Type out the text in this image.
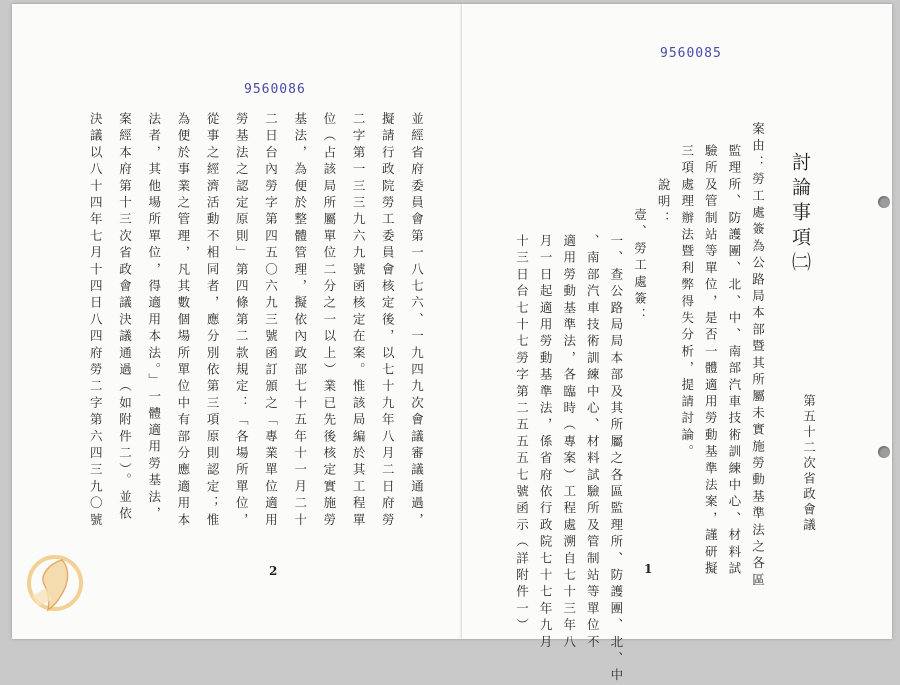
9560086
並經省府委員會第一八七六、一九四九次會議審議通過，
擬請行政院勞工委員會核定後，以七十九年八月二日府勞
二字第一三三九六九號函核定在案。惟該局編於其工程單
位（占該局所屬單位二分之一以上）業已先後核定實施勞
基法，為便於整體管理，擬依內政部七十五年十一月二十
二日台內勞字第四五〇六九三號函訂頒之「專業單位適用
勞基法之認定原則」第四條第二款規定：「各場所單位，
從事之經濟活動不相同者，應分別依第三項原則認定；惟
為便於事業之管理，凡其數個場所單位中有部分應適用本
法者，其他場所單位，得適用本法。」一體適用勞基法，
案經本府第十三次省政會議決議通過（如附件二）。並依
決議以八十四年七月十四日八四府勞二字第六四三九〇號
2
9560085
討論事項㈡
第五十二次省政會議
案由：勞工處簽為公路局本部暨其所屬未實施勞動基準法之各區
監理所、防護團、北、中、南部汽車技術訓練中心、材料試
驗所及管制站等單位，是否一體適用勞動基準法案，謹研擬
三項處理辦法暨利弊得失分析，提請討論。
說明：
壹、勞工處簽：
一、查公路局局本部及其所屬之各區監理所、防護團、北、中
、南部汽車技術訓練中心、材料試驗所及管制站等單位不
適用勞動基準法，各臨時（專案）工程處溯自七十三年八
月一日起適用勞動基準法，係省府依行政院七十七年九月
十三日台七十七勞字第二五五五七號函示（詳附件一）	1
